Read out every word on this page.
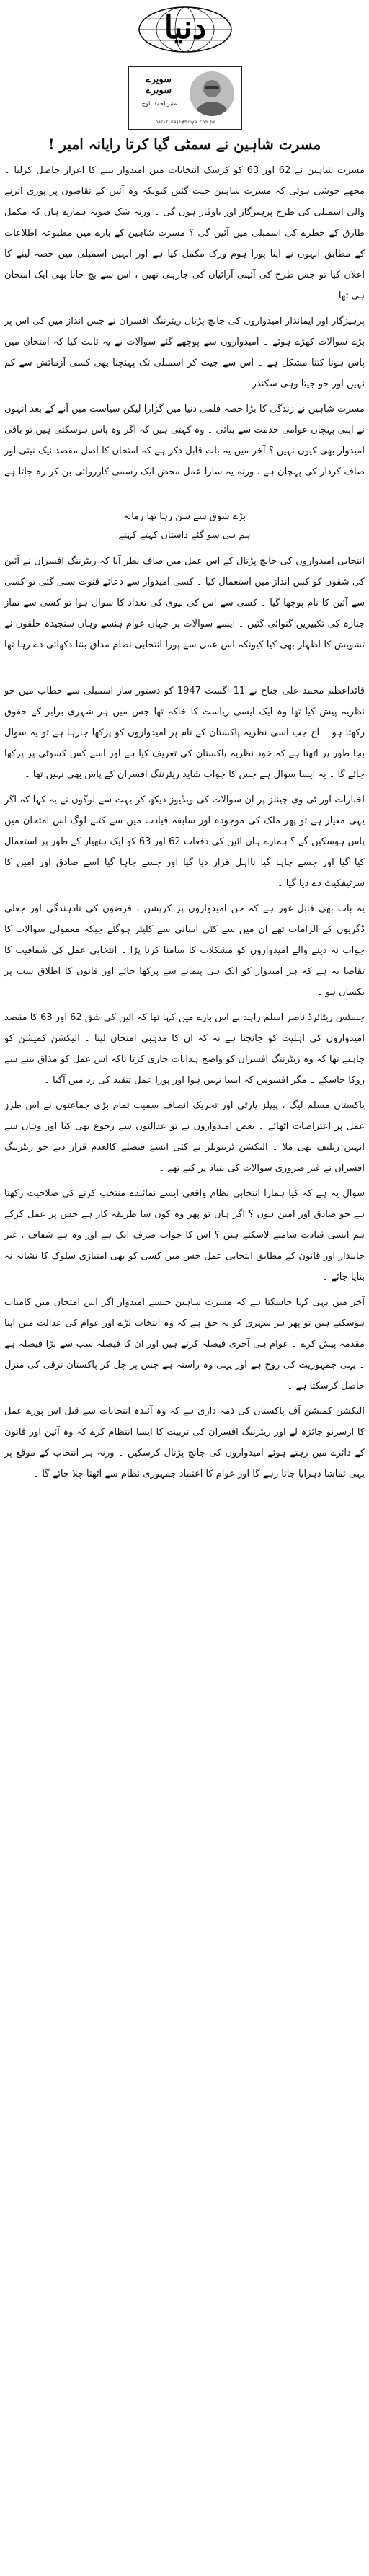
دنیا
سویرے
سویرے
منیر احمد بلوچ
nazir.naji@dunya.com.pk
مسرت شاہین نے سمٹی گیا کرتا رایانہ امیر !

مسرت شاہین نے 62 اور 63 کو کرسک انتخابات میں امیدوار بننے کا اعزاز حاصل کرلیا ۔ مجھے خوشی ہوئی کہ مسرت شاہین جیت گئیں کیونکہ وہ آئین کے تقاضوں پر پوری اترنے والی اسمبلی کی طرح پرہیزگار اور باوقار ہوں گی ۔ ورنہ شک صوبہ ہمارے ہاں کہ مکمل طارق کے خطرے کی اسمبلی میں آئیں گی ؟ مسرت شاہین کے بارے میں مطبوعہ اطلاعات کے مطابق انہوں نے اپنا پورا ہوم ورک مکمل کیا ہے اور انہیں اسمبلی میں حصہ لینے کا اعلان کیا تو جس طرح کی آئینی آرائیاں کی جارہی تھیں ، اس سے بچ جانا بھی ایک امتحان ہی تھا ۔

پرہیزگار اور ایماندار امیدواروں کی جانچ پڑتال ریٹرننگ افسران نے جس انداز میں کی اس پر بڑے سوالات کھڑے ہوئے ۔ امیدواروں سے پوچھے گئے سوالات نے یہ ثابت کیا کہ امتحان میں پاس ہونا کتنا مشکل ہے ۔ اس سے جیت کر اسمبلی تک پہنچنا بھی کسی آزمائش سے کم نہیں اور جو جیتا وہی سکندر ۔

مسرت شاہین نے زندگی کا بڑا حصہ فلمی دنیا میں گزارا لیکن سیاست میں آنے کے بعد انہوں نے اپنی پہچان عوامی خدمت سے بنائی ۔ وہ کہتی ہیں کہ اگر وہ پاس ہوسکتی ہیں تو باقی امیدوار بھی کیوں نہیں ؟ آخر میں یہ بات قابل ذکر ہے کہ امتحان کا اصل مقصد نیک نیتی اور صاف کردار کی پہچان ہے ، ورنہ یہ سارا عمل محض ایک رسمی کارروائی بن کر رہ جاتا ہے ۔

بڑے شوق سے سن رہا تھا زمانہ
ہم ہی سو گئے داستاں کہتے کہتے

انتخابی امیدواروں کی جانچ پڑتال کے اس عمل میں صاف نظر آیا کہ ریٹرننگ افسران نے آئین کی شقوں کو کس انداز میں استعمال کیا ۔ کسی امیدوار سے دعائے قنوت سنی گئی تو کسی سے آئین کا نام پوچھا گیا ۔ کسی سے اس کی بیوی کی تعداد کا سوال ہوا تو کسی سے نماز جنازہ کی تکبیریں گنوائی گئیں ۔ ایسے سوالات پر جہاں عوام ہنسے وہاں سنجیدہ حلقوں نے تشویش کا اظہار بھی کیا کیونکہ اس عمل سے پورا انتخابی نظام مذاق بنتا دکھائی دے رہا تھا ۔

قائداعظم محمد علی جناح نے 11 اگست 1947 کو دستور ساز اسمبلی سے خطاب میں جو نظریہ پیش کیا تھا وہ ایک ایسی ریاست کا خاکہ تھا جس میں ہر شہری برابر کے حقوق رکھتا ہو ۔ آج جب اسی نظریہ پاکستان کے نام پر امیدواروں کو پرکھا جارہا ہے تو یہ سوال بجا طور پر اٹھتا ہے کہ خود نظریہ پاکستان کی تعریف کیا ہے اور اسے کس کسوٹی پر پرکھا جائے گا ۔ یہ ایسا سوال ہے جس کا جواب شاید ریٹرننگ افسران کے پاس بھی نہیں تھا ۔

اخبارات اور ٹی وی چینلز پر ان سوالات کی ویڈیوز دیکھ کر بہت سے لوگوں نے یہ کہا کہ اگر یہی معیار ہے تو پھر ملک کی موجودہ اور سابقہ قیادت میں سے کتنے لوگ اس امتحان میں پاس ہوسکیں گے ؟ ہمارے ہاں آئین کی دفعات 62 اور 63 کو ایک ہتھیار کے طور پر استعمال کیا گیا اور جسے چاہا گیا نااہل قرار دیا گیا اور جسے چاہا گیا اسے صادق اور امین کا سرٹیفکیٹ دے دیا گیا ۔

یہ بات بھی قابل غور ہے کہ جن امیدواروں پر کرپشن ، قرضوں کی نادہندگی اور جعلی ڈگریوں کے الزامات تھے ان میں سے کئی آسانی سے کلیئر ہوگئے جبکہ معمولی سوالات کا جواب نہ دینے والے امیدواروں کو مشکلات کا سامنا کرنا پڑا ۔ انتخابی عمل کی شفافیت کا تقاضا یہ ہے کہ ہر امیدوار کو ایک ہی پیمانے سے پرکھا جائے اور قانون کا اطلاق سب پر یکساں ہو ۔

جسٹس ریٹائرڈ ناصر اسلم زاہد نے اس بارے میں کہا تھا کہ آئین کی شق 62 اور 63 کا مقصد امیدواروں کی اہلیت کو جانچنا ہے نہ کہ ان کا مذہبی امتحان لینا ۔ الیکشن کمیشن کو چاہیے تھا کہ وہ ریٹرننگ افسران کو واضح ہدایات جاری کرتا تاکہ اس عمل کو مذاق بننے سے روکا جاسکے ۔ مگر افسوس کہ ایسا نہیں ہوا اور پورا عمل تنقید کی زد میں آگیا ۔

پاکستان مسلم لیگ ، پیپلز پارٹی اور تحریک انصاف سمیت تمام بڑی جماعتوں نے اس طرز عمل پر اعتراضات اٹھائے ۔ بعض امیدواروں نے تو عدالتوں سے رجوع بھی کیا اور وہاں سے انہیں ریلیف بھی ملا ۔ الیکشن ٹربیونلز نے کئی ایسے فیصلے کالعدم قرار دیے جو ریٹرننگ افسران نے غیر ضروری سوالات کی بنیاد پر کیے تھے ۔

سوال یہ ہے کہ کیا ہمارا انتخابی نظام واقعی ایسے نمائندے منتخب کرنے کی صلاحیت رکھتا ہے جو صادق اور امین ہوں ؟ اگر ہاں تو پھر وہ کون سا طریقہ کار ہے جس پر عمل کرکے ہم ایسی قیادت سامنے لاسکتے ہیں ؟ اس کا جواب صرف ایک ہے اور وہ ہے شفاف ، غیر جانبدار اور قانون کے مطابق انتخابی عمل جس میں کسی کو بھی امتیازی سلوک کا نشانہ نہ بنایا جائے ۔

آخر میں یہی کہا جاسکتا ہے کہ مسرت شاہین جیسے امیدوار اگر اس امتحان میں کامیاب ہوسکتے ہیں تو پھر ہر شہری کو یہ حق ہے کہ وہ انتخاب لڑے اور عوام کی عدالت میں اپنا مقدمہ پیش کرے ۔ عوام ہی آخری فیصلہ کرتے ہیں اور ان کا فیصلہ سب سے بڑا فیصلہ ہے ۔ یہی جمہوریت کی روح ہے اور یہی وہ راستہ ہے جس پر چل کر پاکستان ترقی کی منزل حاصل کرسکتا ہے ۔

الیکشن کمیشن آف پاکستان کی ذمہ داری ہے کہ وہ آئندہ انتخابات سے قبل اس پورے عمل کا ازسرنو جائزہ لے اور ریٹرننگ افسران کی تربیت کا ایسا انتظام کرے کہ وہ آئین اور قانون کے دائرے میں رہتے ہوئے امیدواروں کی جانچ پڑتال کرسکیں ۔ ورنہ ہر انتخاب کے موقع پر یہی تماشا دہرایا جاتا رہے گا اور عوام کا اعتماد جمہوری نظام سے اٹھتا چلا جائے گا ۔
